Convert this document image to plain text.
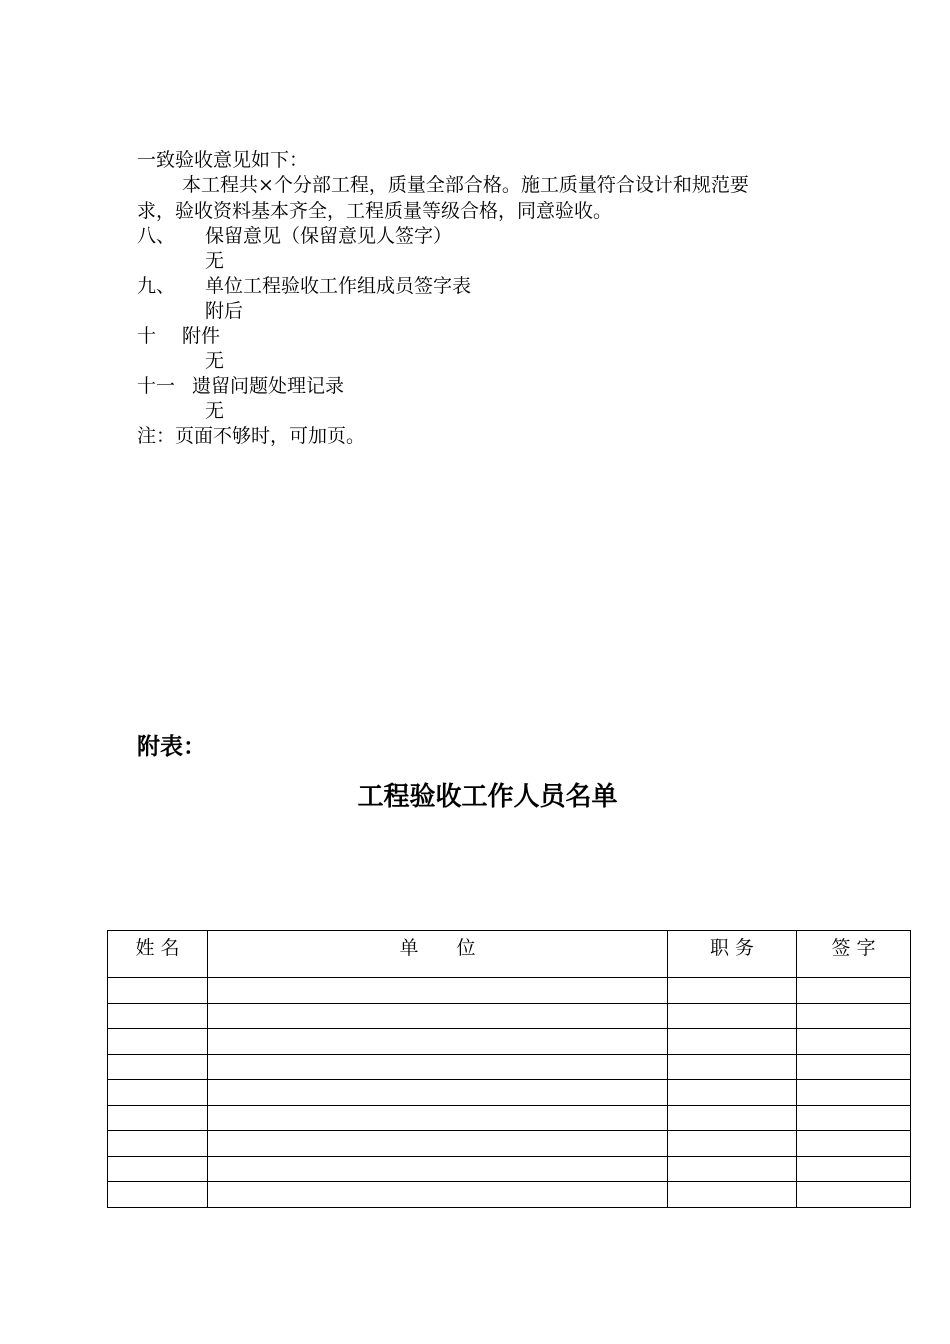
一致验收意见如下：
本工程共×个分部工程，质量全部合格。施工质量符合设计和规范要
求，验收资料基本齐全，工程质量等级合格，同意验收。
八、 保留意见（保留意见人签字）
无
九、 单位工程验收工作组成员签字表
附后
十 附件
无
十一 遗留问题处理记录
无
注：页面不够时，可加页。
附表：
工程验收工作人员名单
姓 名	单　　位	职 务	签 字
